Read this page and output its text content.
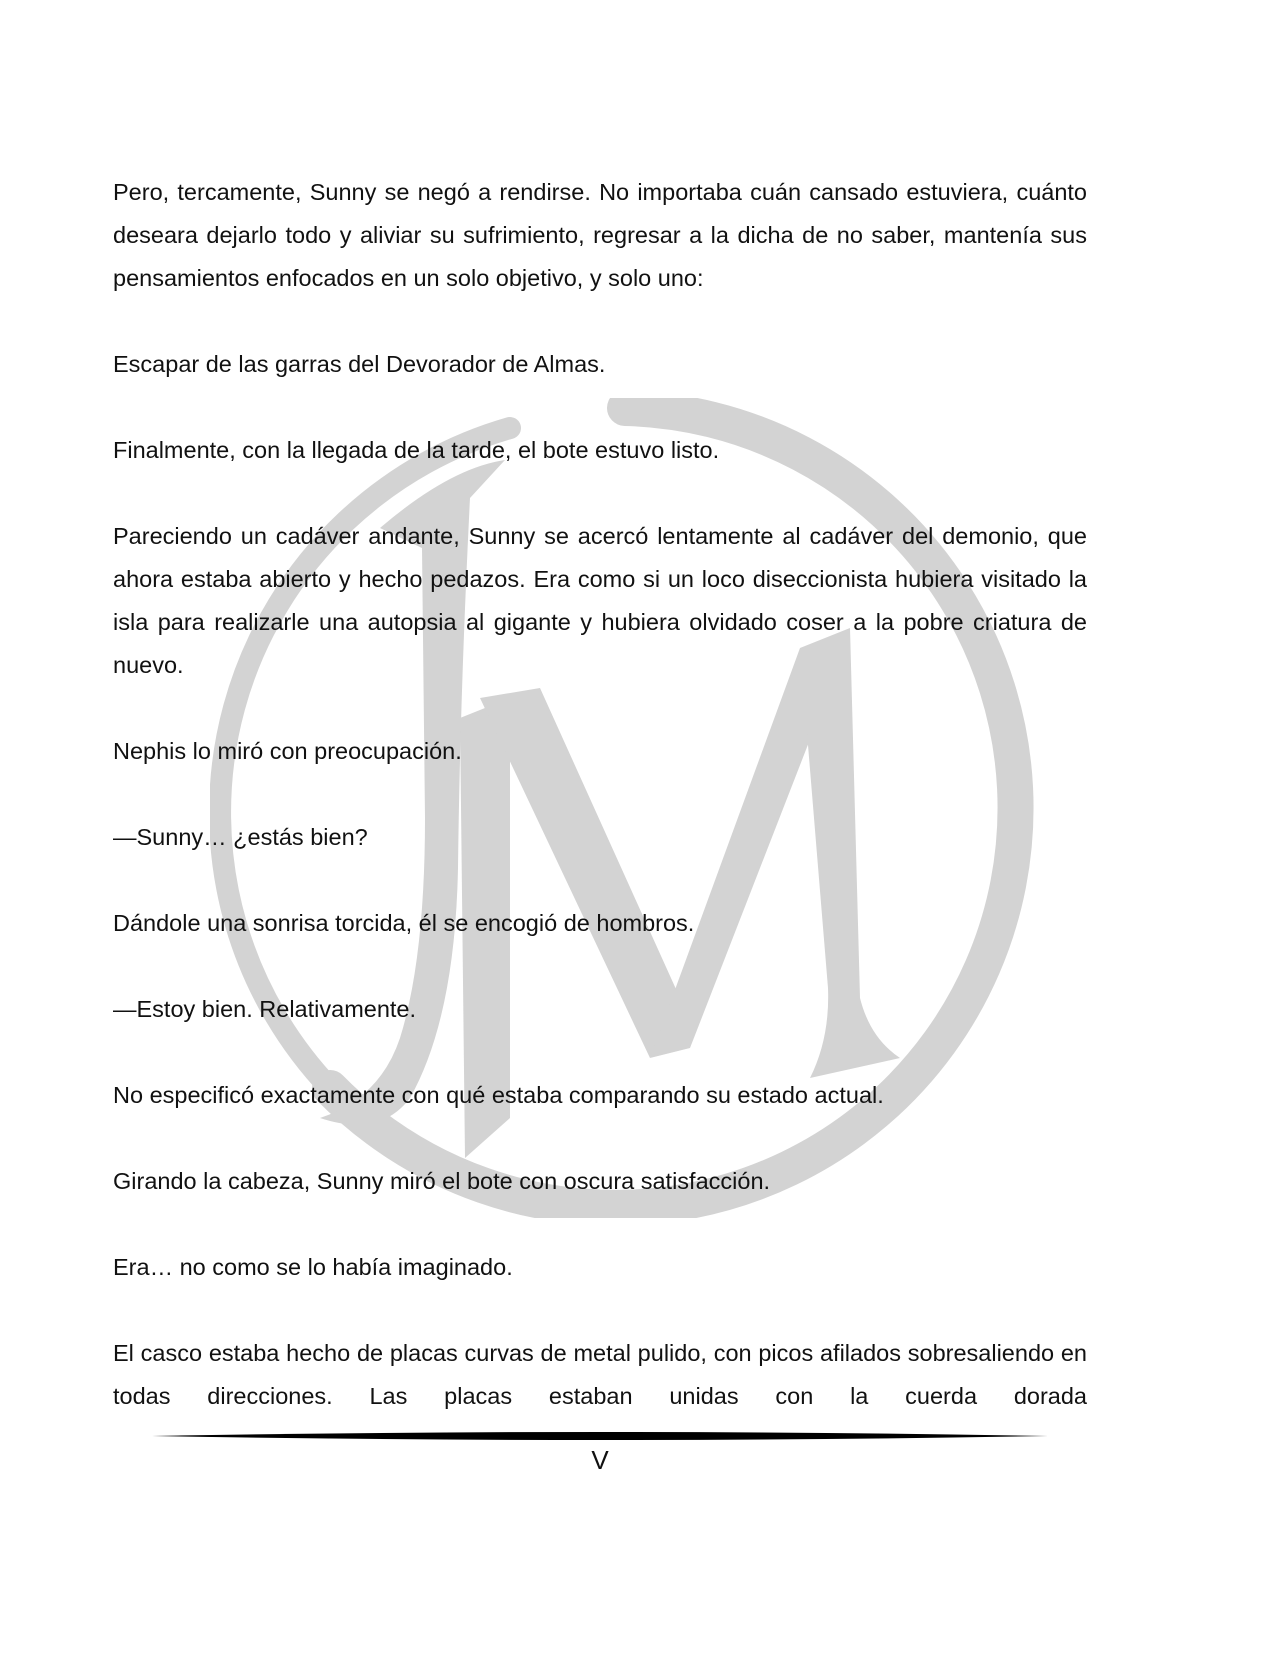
Pero, tercamente, Sunny se negó a rendirse. No importaba cuán cansado estuviera, cuánto deseara dejarlo todo y aliviar su sufrimiento, regresar a la dicha de no saber, mantenía sus pensamientos enfocados en un solo objetivo, y solo uno:

Escapar de las garras del Devorador de Almas.

Finalmente, con la llegada de la tarde, el bote estuvo listo.

Pareciendo un cadáver andante, Sunny se acercó lentamente al cadáver del demonio, que ahora estaba abierto y hecho pedazos. Era como si un loco diseccionista hubiera visitado la isla para realizarle una autopsia al gigante y hubiera olvidado coser a la pobre criatura de nuevo.

Nephis lo miró con preocupación.

—Sunny… ¿estás bien?

Dándole una sonrisa torcida, él se encogió de hombros.

—Estoy bien. Relativamente.

No especificó exactamente con qué estaba comparando su estado actual.

Girando la cabeza, Sunny miró el bote con oscura satisfacción.

Era… no como se lo había imaginado.

El casco estaba hecho de placas curvas de metal pulido, con picos afilados sobresaliendo en todas direcciones. Las placas estaban unidas con la cuerda dorada

V
